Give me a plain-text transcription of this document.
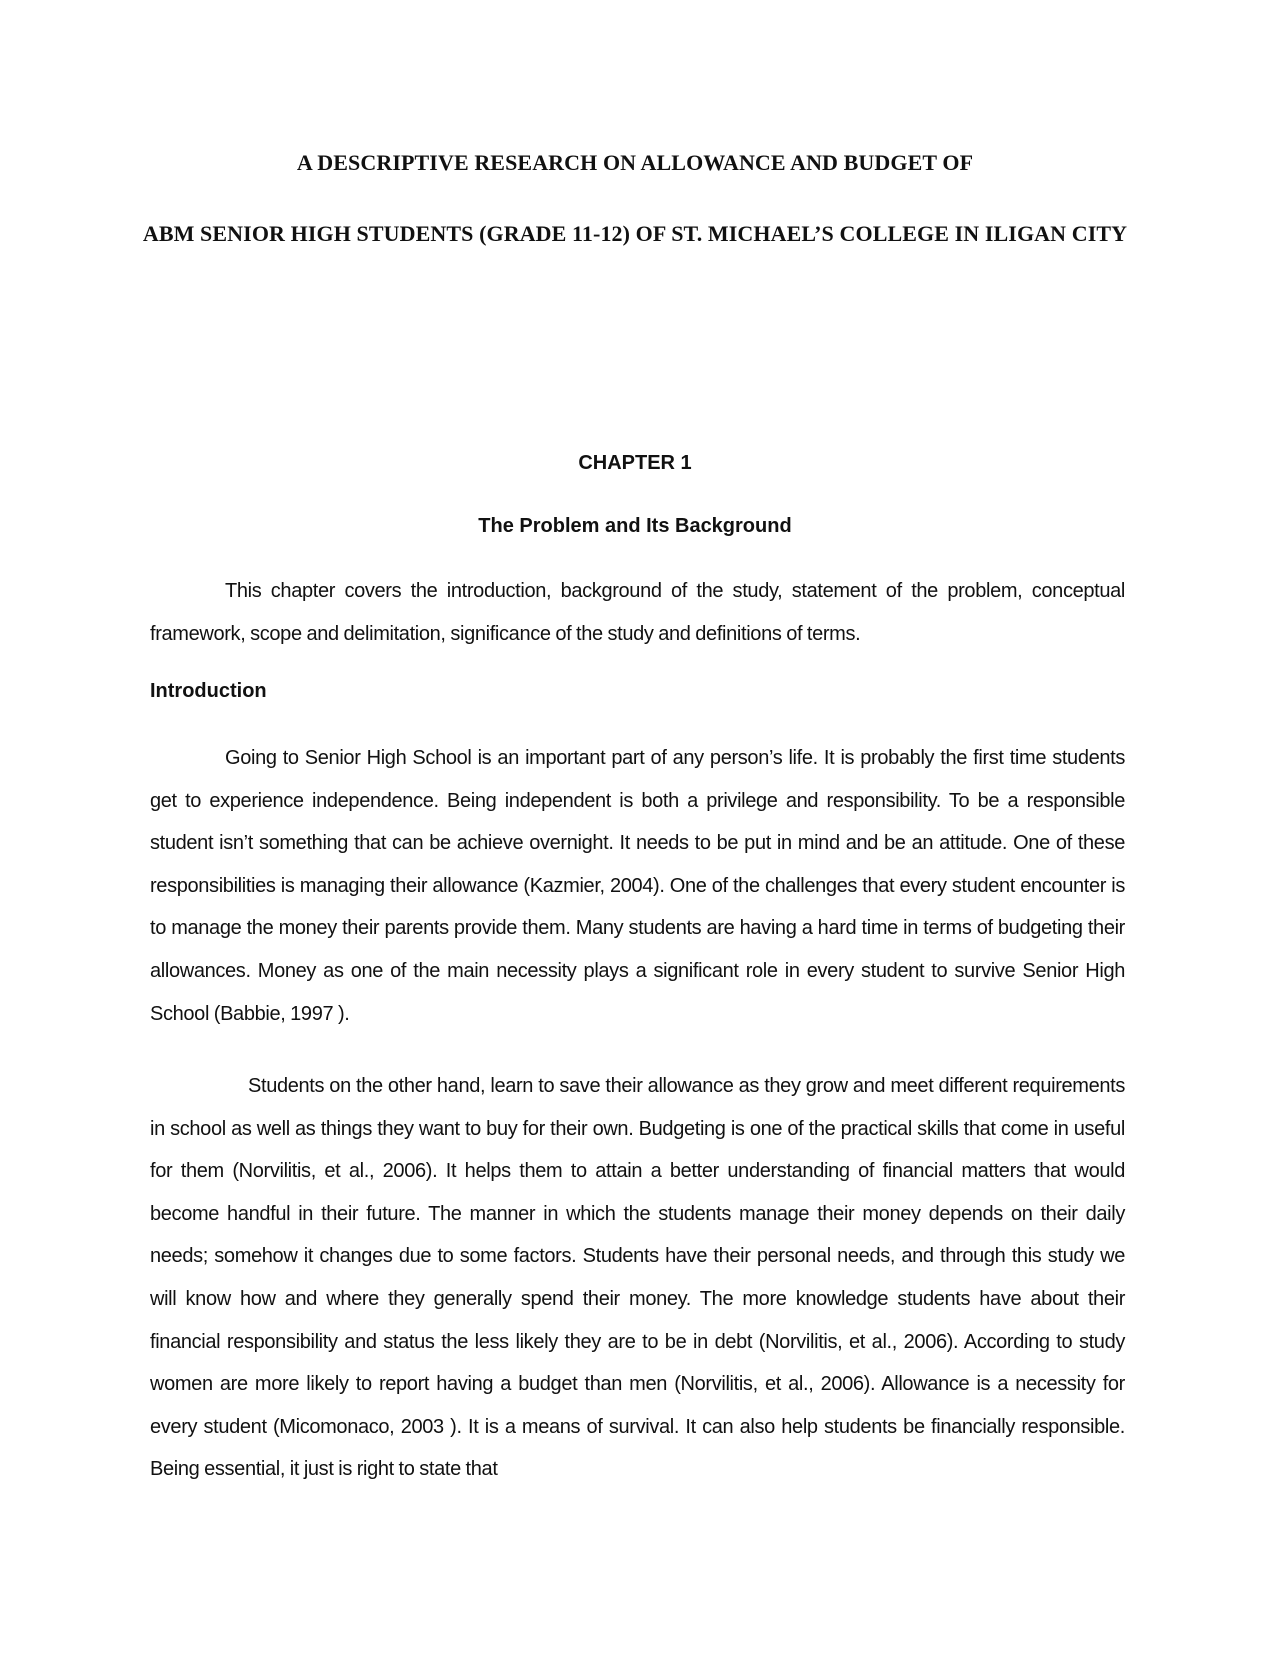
A DESCRIPTIVE RESEARCH ON ALLOWANCE AND BUDGET OF
ABM SENIOR HIGH STUDENTS (GRADE 11-12) OF ST. MICHAEL’S COLLEGE IN ILIGAN CITY
CHAPTER 1
The Problem and Its Background

This chapter covers the introduction, background of the study, statement of the problem, conceptual framework, scope and delimitation, significance of the study and definitions of terms.

Introduction

Going to Senior High School is an important part of any person’s life. It is probably the first time students get to experience independence. Being independent is both a privilege and responsibility. To be a responsible student isn’t something that can be achieve overnight. It needs to be put in mind and be an attitude. One of these responsibilities is managing their allowance (Kazmier, 2004). One of the challenges that every student encounter is to manage the money their parents provide them. Many students are having a hard time in terms of budgeting their allowances. Money as one of the main necessity plays a significant role in every student to survive Senior High School (Babbie, 1997 ).

Students on the other hand, learn to save their allowance as they grow and meet different requirements in school as well as things they want to buy for their own. Budgeting is one of the practical skills that come in useful for them (Norvilitis, et al., 2006). It helps them to attain a better understanding of financial matters that would become handful in their future. The manner in which the students manage their money depends on their daily needs; somehow it changes due to some factors. Students have their personal needs, and through this study we will know how and where they generally spend their money. The more knowledge students have about their financial responsibility and status the less likely they are to be in debt (Norvilitis, et al., 2006). According to study women are more likely to report having a budget than men (Norvilitis, et al., 2006). Allowance is a necessity for every student (Micomonaco, 2003 ). It is a means of survival. It can also help students be financially responsible. Being essential, it just is right to state that
